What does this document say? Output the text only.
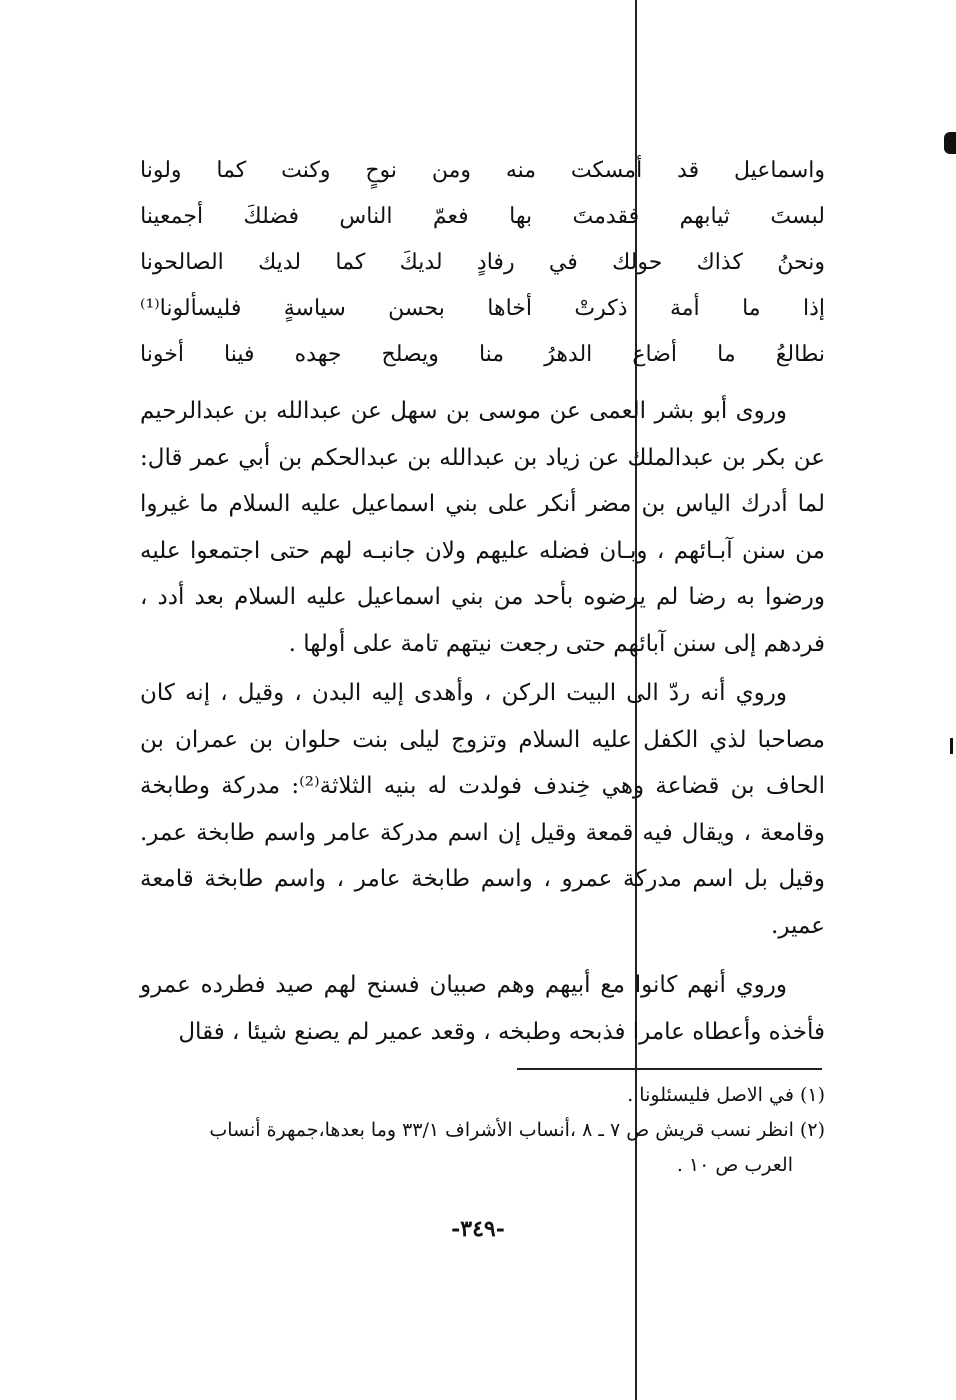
واسماعيل
قد
أمسكت
منه
ومن
نوحٍ
وكنت
كما
ولونا
لبستَ
ثيابهم
فقدمتَ
بها
فعمّ
الناس
فضلكَ
أجمعينا
ونحنُ
كذاك
حولك
في
رفادٍ
لديكَ
كما
لديك
الصالحونا
إذا
ما
أمة
ذكرتْ
أخاها
بحسن
سياسةٍ
فليسألونا⁽¹⁾
نطالعُ
ما
أضاع
الدهرُ
منا
ويصلح
جهده
فينا
أخونا

وروى أبو بشر العمى عن موسى بن سهل عن عبدالله بن عبدالرحيم عن بكر بن عبدالملك عن زياد بن عبدالله بن عبدالحكم بن أبي عمر قال: لما أدرك الياس بن مضر أنكر على بني اسماعيل عليه السلام ما غيروا من سنن آبـائهم ، وبـان فضله عليهم ولان جانبـه لهم حتى اجتمعوا عليه ورضوا به رضا لم يرضوه بأحد من بني اسماعيل عليه السلام بعد أدد ، فردهم إلى سنن آبائهم حتى رجعت نيتهم تامة على أولها .

وروي أنه ردّ الى البيت الركن ، وأهدى إليه البدن ، وقيل ، إنه كان مصاحبا لذي الكفل عليه السلام وتزوج ليلى بنت حلوان بن عمران بن الحاف بن قضاعة وهي خِندف فولدت له بنيه الثلاثة⁽²⁾: مدركة وطابخة وقامعة ، ويقال فيه قمعة وقيل إن اسم مدركة عامر واسم طابخة عمر. وقيل بل اسم مدركة عمرو ، واسم طابخة عامر ، واسم طابخة قامعة عمير.

وروي أنهم كانوا مع أبيهم وهم صبيان فسنح لهم صيد فطرده عمرو فأخذه وأعطاه عامرا فذبحه وطبخه ، وقعد عمير لم يصنع شيئا ، فقال

(١) في الاصل فليسئلونا .
(٢) انظر نسب قريش ص ٧ ـ ٨ ،أنساب الأشراف ٣٣/١ وما بعدها،جمهرة أنساب
العرب ص ١٠ .
-٣٤٩-
